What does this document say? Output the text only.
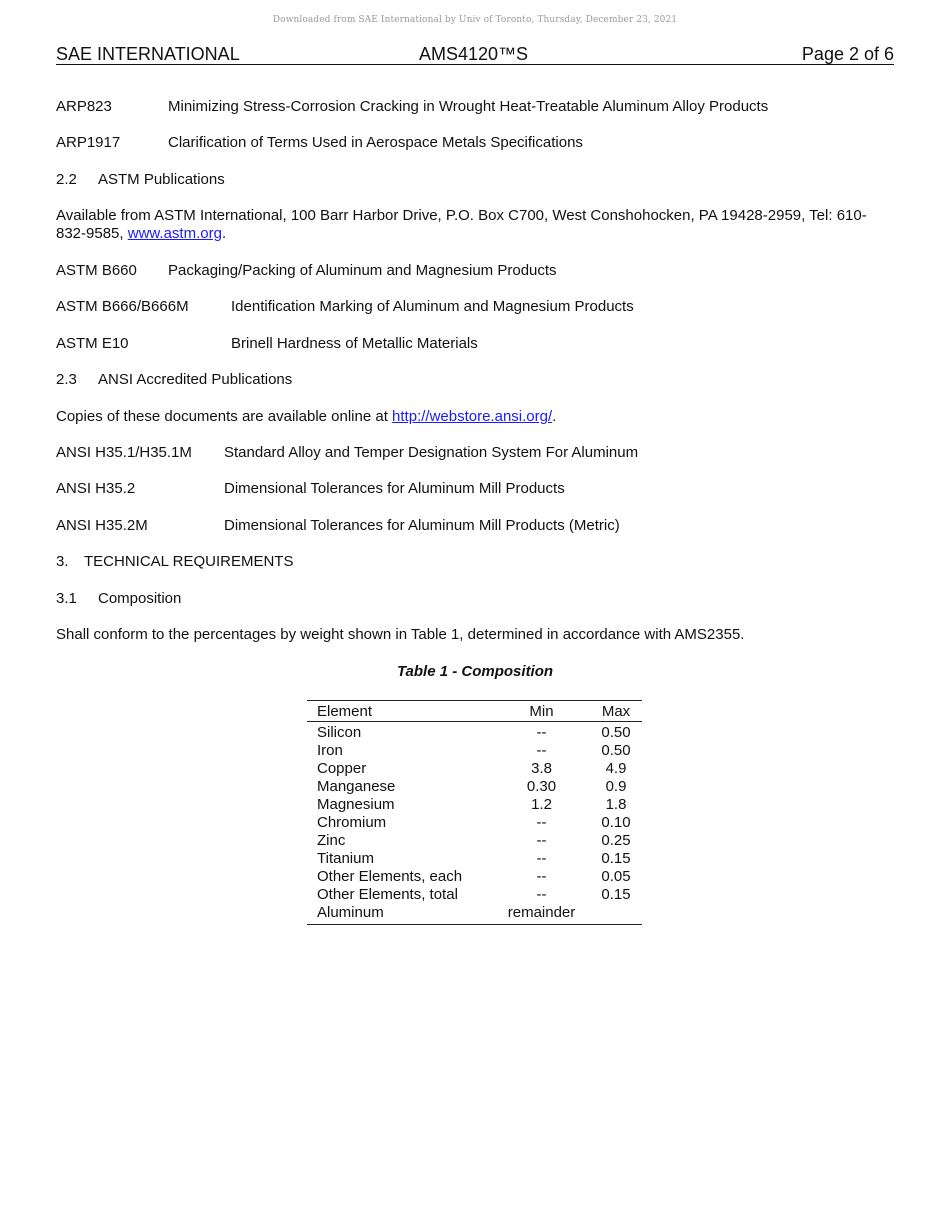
Downloaded from SAE International by Univ of Toronto, Thursday, December 23, 2021
SAE INTERNATIONAL	AMS4120™S	Page 2 of 6
ARP823	Minimizing Stress-Corrosion Cracking in Wrought Heat-Treatable Aluminum Alloy Products
ARP1917	Clarification of Terms Used in Aerospace Metals Specifications
2.2 ASTM Publications
Available from ASTM International, 100 Barr Harbor Drive, P.O. Box C700, West Conshohocken, PA 19428-2959, Tel: 610-832-9585, www.astm.org.
ASTM B660 Packaging/Packing of Aluminum and Magnesium Products
ASTM B666/B666M	Identification Marking of Aluminum and Magnesium Products
ASTM E10	Brinell Hardness of Metallic Materials
2.3 ANSI Accredited Publications
Copies of these documents are available online at http://webstore.ansi.org/.
ANSI H35.1/H35.1M Standard Alloy and Temper Designation System For Aluminum
ANSI H35.2	Dimensional Tolerances for Aluminum Mill Products
ANSI H35.2M	Dimensional Tolerances for Aluminum Mill Products (Metric)
3. TECHNICAL REQUIREMENTS
3.1 Composition
Shall conform to the percentages by weight shown in Table 1, determined in accordance with AMS2355.
Table 1 - Composition
Element	Min	Max
Silicon	--	0.50
Iron	--	0.50
Copper	3.8	4.9
Manganese	0.30	0.9
Magnesium	1.2	1.8
Chromium	--	0.10
Zinc	--	0.25
Titanium	--	0.15
Other Elements, each	--	0.05
Other Elements, total	--	0.15
Aluminum	remainder
